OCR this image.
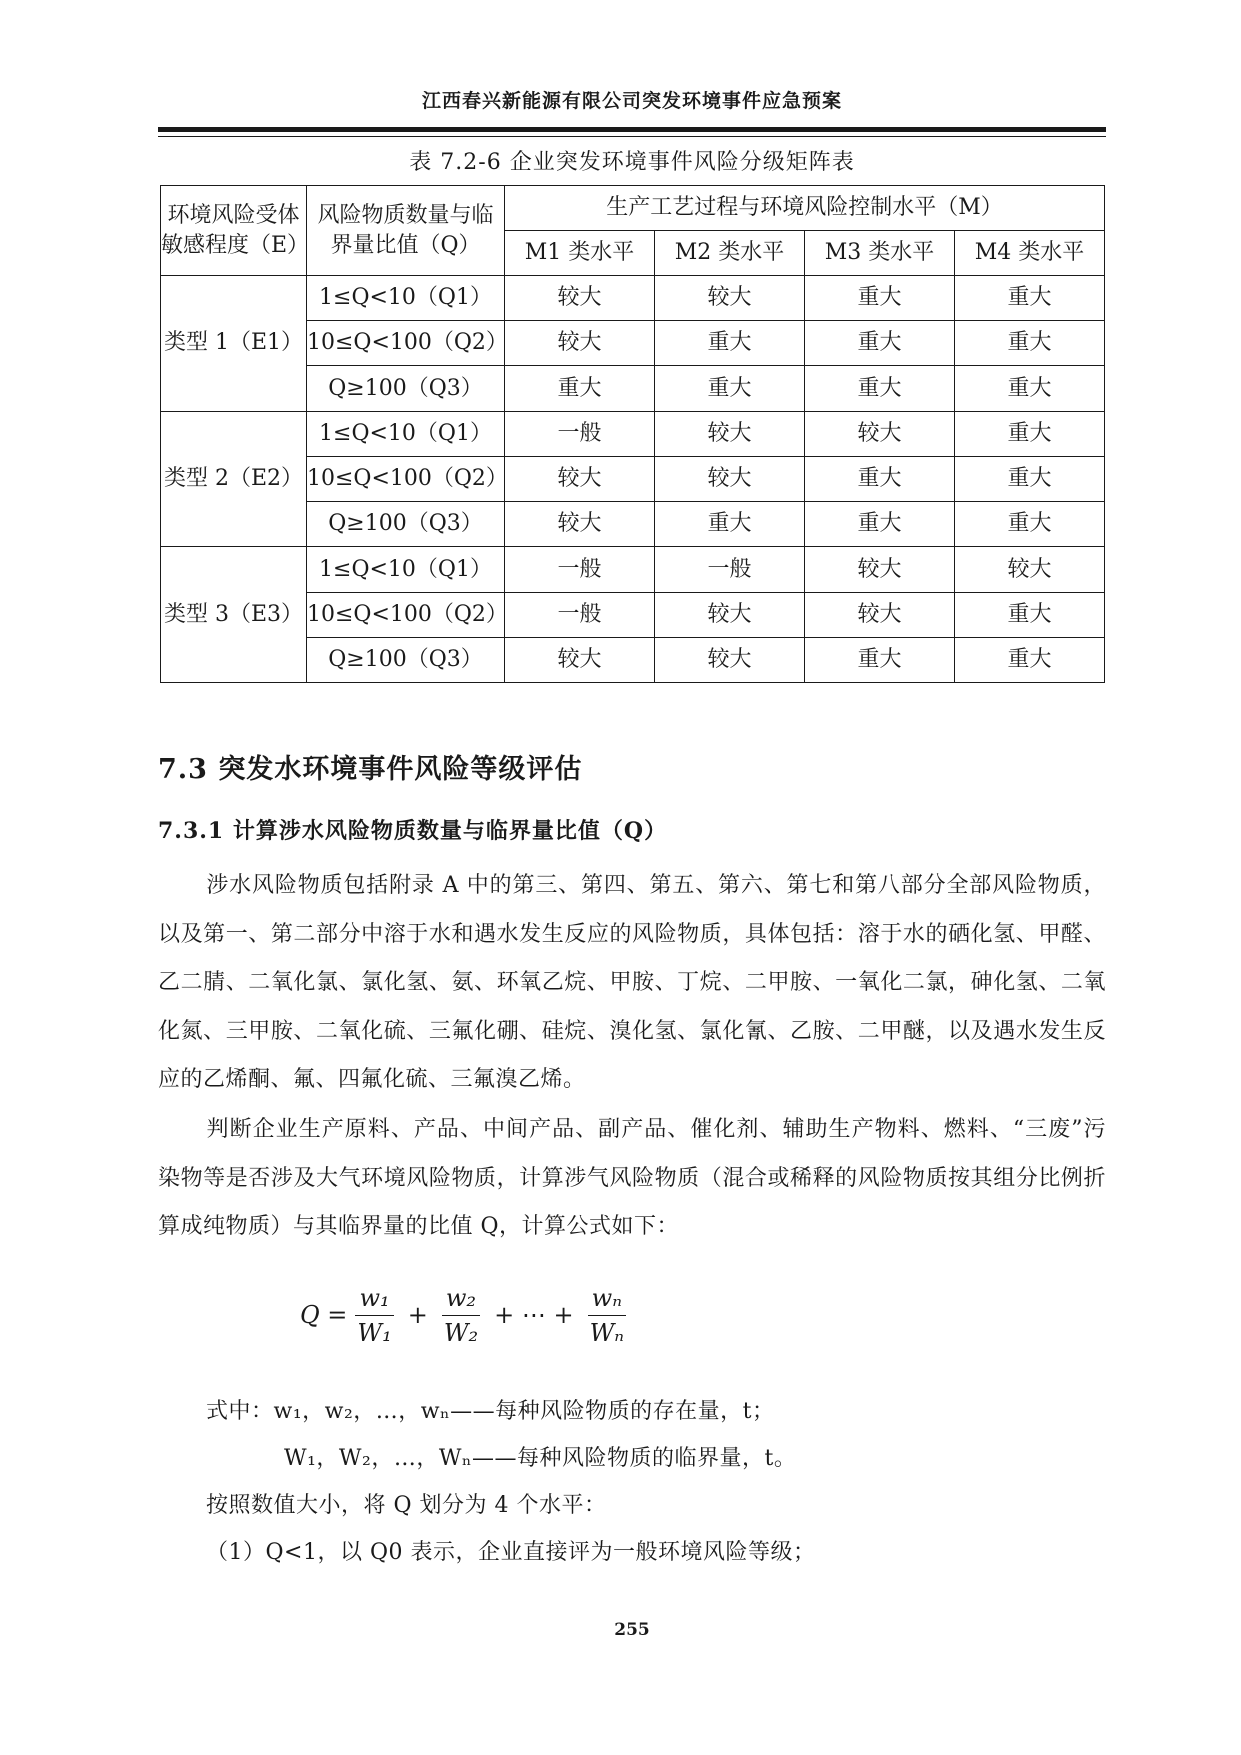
江西春兴新能源有限公司突发环境事件应急预案
表 7.2-6 企业突发环境事件风险分级矩阵表
环境风险受体敏感程度（E）	风险物质数量与临界量比值（Q）	生产工艺过程与环境风险控制水平（M）			
		M1 类水平	M2 类水平	M3 类水平	M4 类水平
类型 1（E1）	1≤Q<10（Q1）	较大	较大	重大	重大
	10≤Q<100（Q2）	较大	重大	重大	重大
	Q≥100（Q3）	重大	重大	重大	重大
类型 2（E2）	1≤Q<10（Q1）	一般	较大	较大	重大
	10≤Q<100（Q2）	较大	较大	重大	重大
	Q≥100（Q3）	较大	重大	重大	重大
类型 3（E3）	1≤Q<10（Q1）	一般	一般	较大	较大
	10≤Q<100（Q2）	一般	较大	较大	重大
	Q≥100（Q3）	较大	较大	重大	重大
7.3 突发水环境事件风险等级评估
7.3.1 计算涉水风险物质数量与临界量比值（Q）
涉水风险物质包括附录 A 中的第三、第四、第五、第六、第七和第八部分全部风险物质，以及第一、第二部分中溶于水和遇水发生反应的风险物质，具体包括：溶于水的硒化氢、甲醛、乙二腈、二氧化氯、氯化氢、氨、环氧乙烷、甲胺、丁烷、二甲胺、一氧化二氯，砷化氢、二氧化氮、三甲胺、二氧化硫、三氟化硼、硅烷、溴化氢、氯化氰、乙胺、二甲醚，以及遇水发生反应的乙烯酮、氟、四氟化硫、三氟溴乙烯。
判断企业生产原料、产品、中间产品、副产品、催化剂、辅助生产物料、燃料、“三废”污染物等是否涉及大气环境风险物质，计算涉气风险物质（混合或稀释的风险物质按其组分比例折算成纯物质）与其临界量的比值 Q，计算公式如下：
$Q = \frac{\text{w₁}}{\text{W₁}} + \frac{\text{w₂}}{\text{W₂}}$ + ⋯ + $\frac{\text{wₙ}}{\text{Wₙ}}$
式中：w₁，w₂，…，wₙ——每种风险物质的存在量，t；
W₁，W₂，…，Wₙ——每种风险物质的临界量，t。
按照数值大小，将 Q 划分为 4 个水平：
（1）Q<1，以 Q0 表示，企业直接评为一般环境风险等级；
255
